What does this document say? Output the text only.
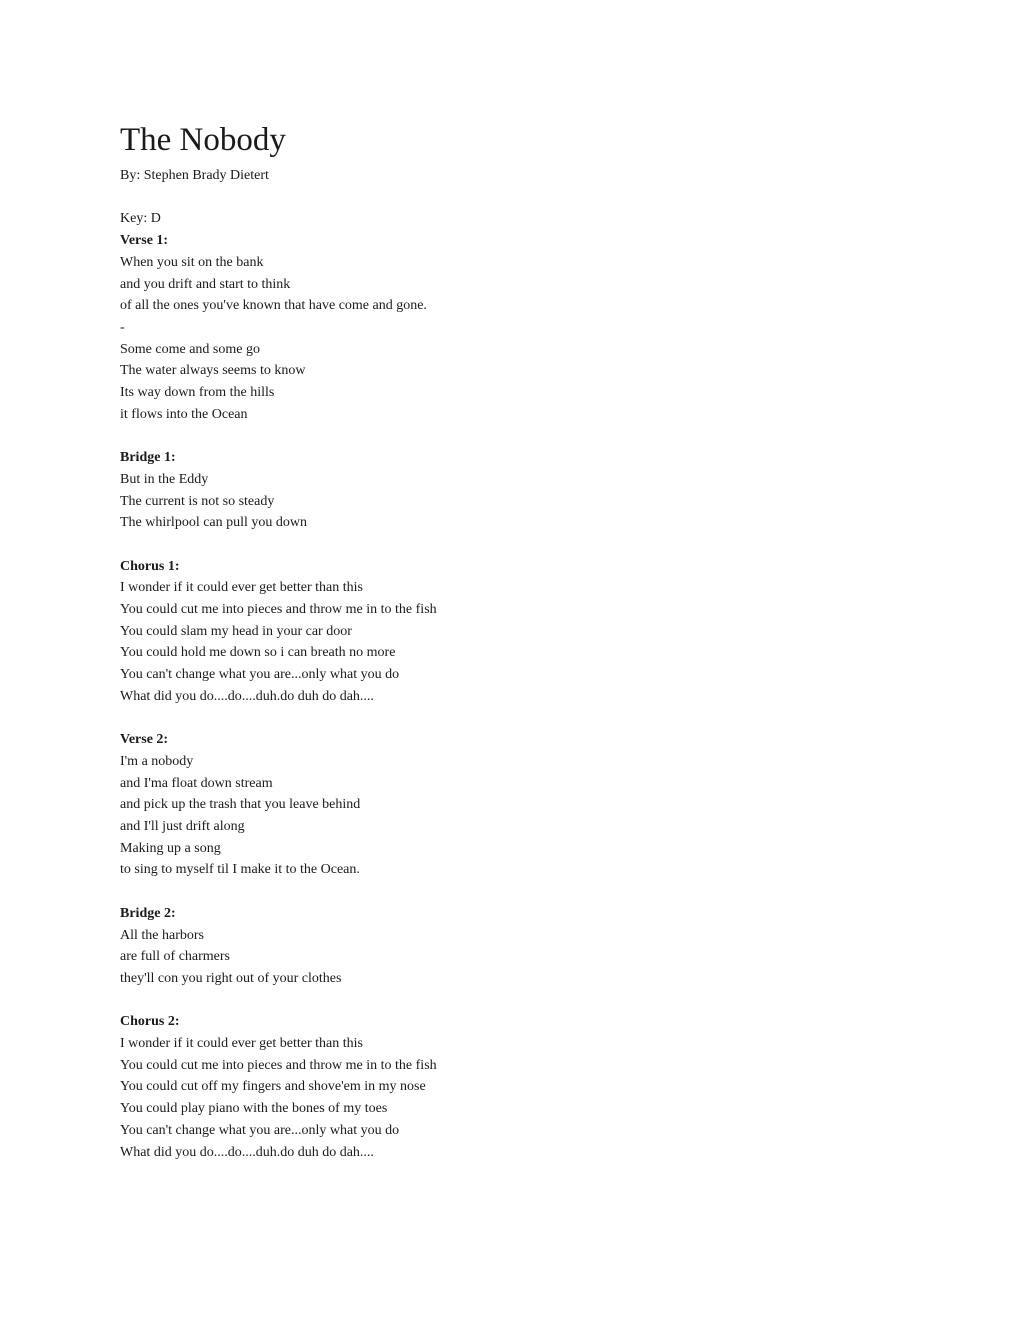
The Nobody
By: Stephen Brady Dietert
Key: D
Verse 1:
When you sit on the bank
and you drift and start to think
of all the ones you've known that have come and gone.
-
Some come and some go
The water always seems to know
Its way down from the hills
it flows into the Ocean
Bridge 1:
But in the Eddy
The current is not so steady
The whirlpool can pull you down
Chorus 1:
I wonder if it could ever get better than this
You could cut me into pieces and throw me in to the fish
You could slam my head in your car door
You could hold me down so i can breath no more
You can't change what you are...only what you do
What did you do....do....duh.do duh do dah....
Verse 2:
I'm a nobody
and I'ma float down stream
and pick up the trash that you leave behind
and I'll just drift along
Making up a song
to sing to myself til I make it to the Ocean.
Bridge 2:
All the harbors
are full of charmers
they'll con you right out of your clothes
Chorus 2:
I wonder if it could ever get better than this
You could cut me into pieces and throw me in to the fish
You could cut off my fingers and shove'em in my nose
You could play piano with the bones of my toes
You can't change what you are...only what you do
What did you do....do....duh.do duh do dah....
